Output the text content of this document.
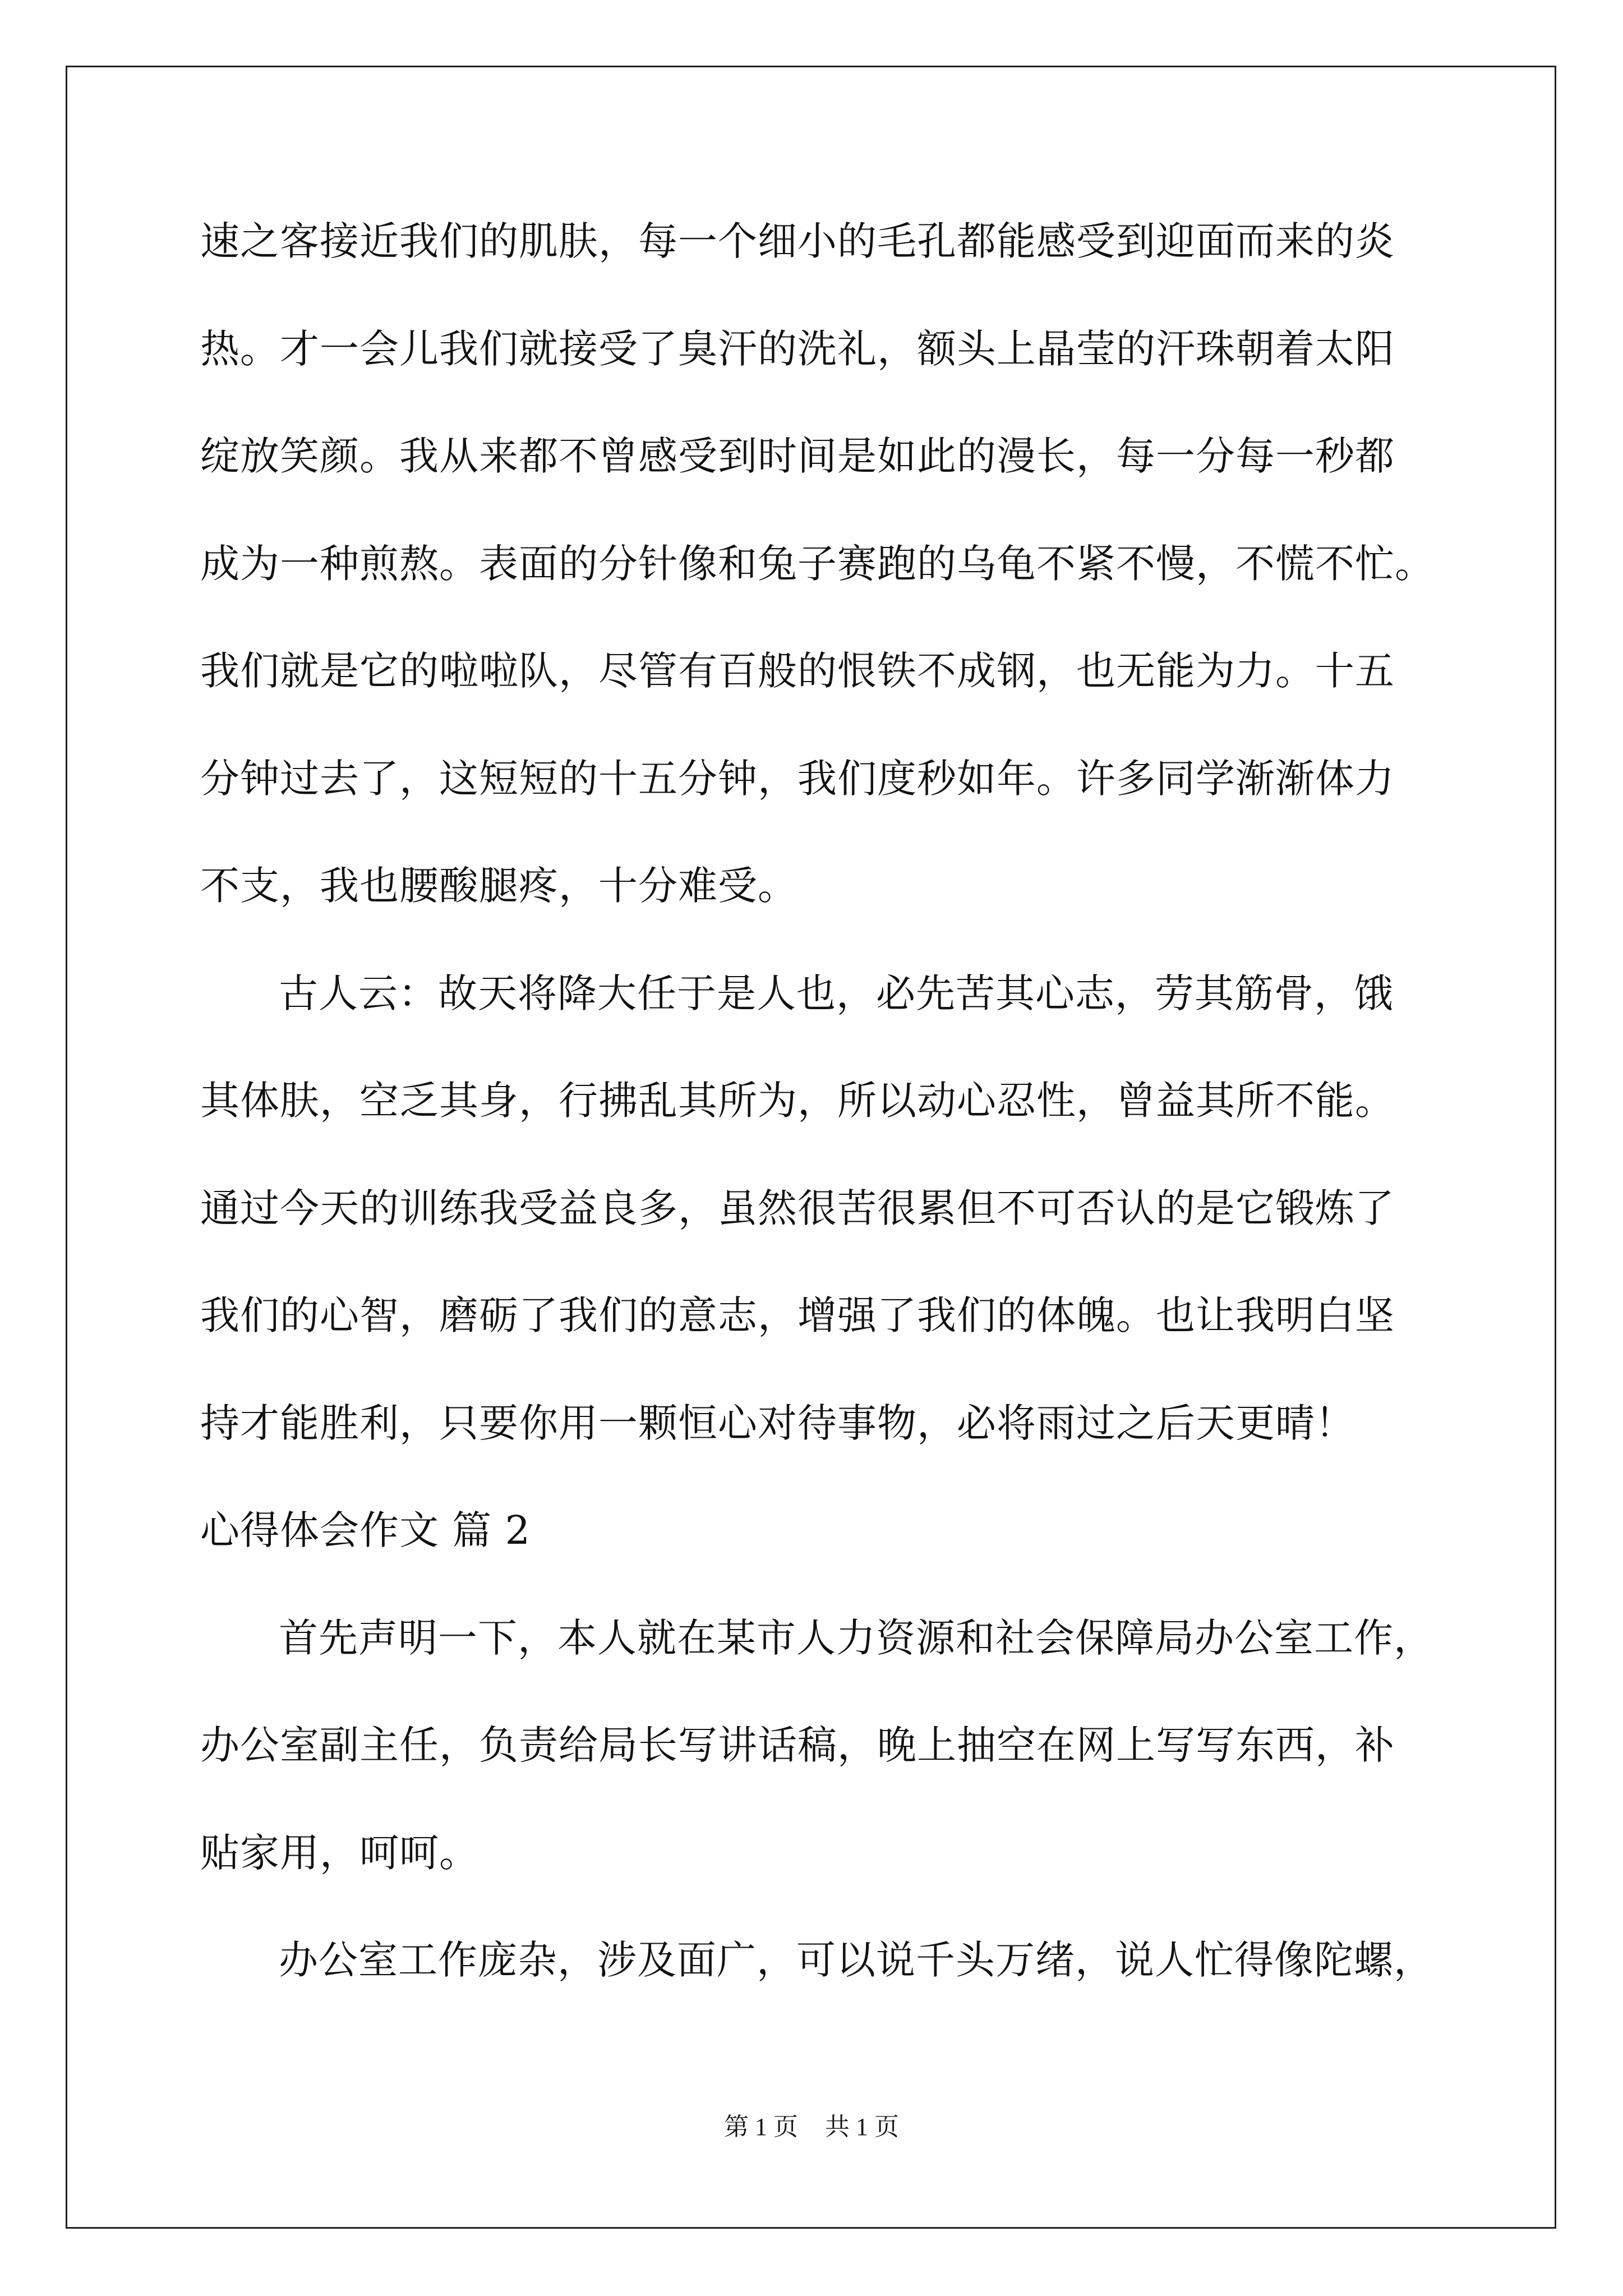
速之客接近我们的肌肤，每一个细小的毛孔都能感受到迎面而来的炎
热。才一会儿我们就接受了臭汗的洗礼，额头上晶莹的汗珠朝着太阳
绽放笑颜。我从来都不曾感受到时间是如此的漫长，每一分每一秒都
成为一种煎熬。表面的分针像和兔子赛跑的乌龟不紧不慢，不慌不忙。
我们就是它的啦啦队，尽管有百般的恨铁不成钢，也无能为力。十五
分钟过去了，这短短的十五分钟，我们度秒如年。许多同学渐渐体力
不支，我也腰酸腿疼，十分难受。
古人云：故天将降大任于是人也，必先苦其心志，劳其筋骨，饿
其体肤，空乏其身，行拂乱其所为，所以动心忍性，曾益其所不能。
通过今天的训练我受益良多，虽然很苦很累但不可否认的是它锻炼了
我们的心智，磨砺了我们的意志，增强了我们的体魄。也让我明白坚
持才能胜利，只要你用一颗恒心对待事物，必将雨过之后天更晴！
心得体会作文 篇 2
首先声明一下，本人就在某市人力资源和社会保障局办公室工作，
办公室副主任，负责给局长写讲话稿，晚上抽空在网上写写东西，补
贴家用，呵呵。
办公室工作庞杂，涉及面广，可以说千头万绪，说人忙得像陀螺，
第 1 页 共 1 页
